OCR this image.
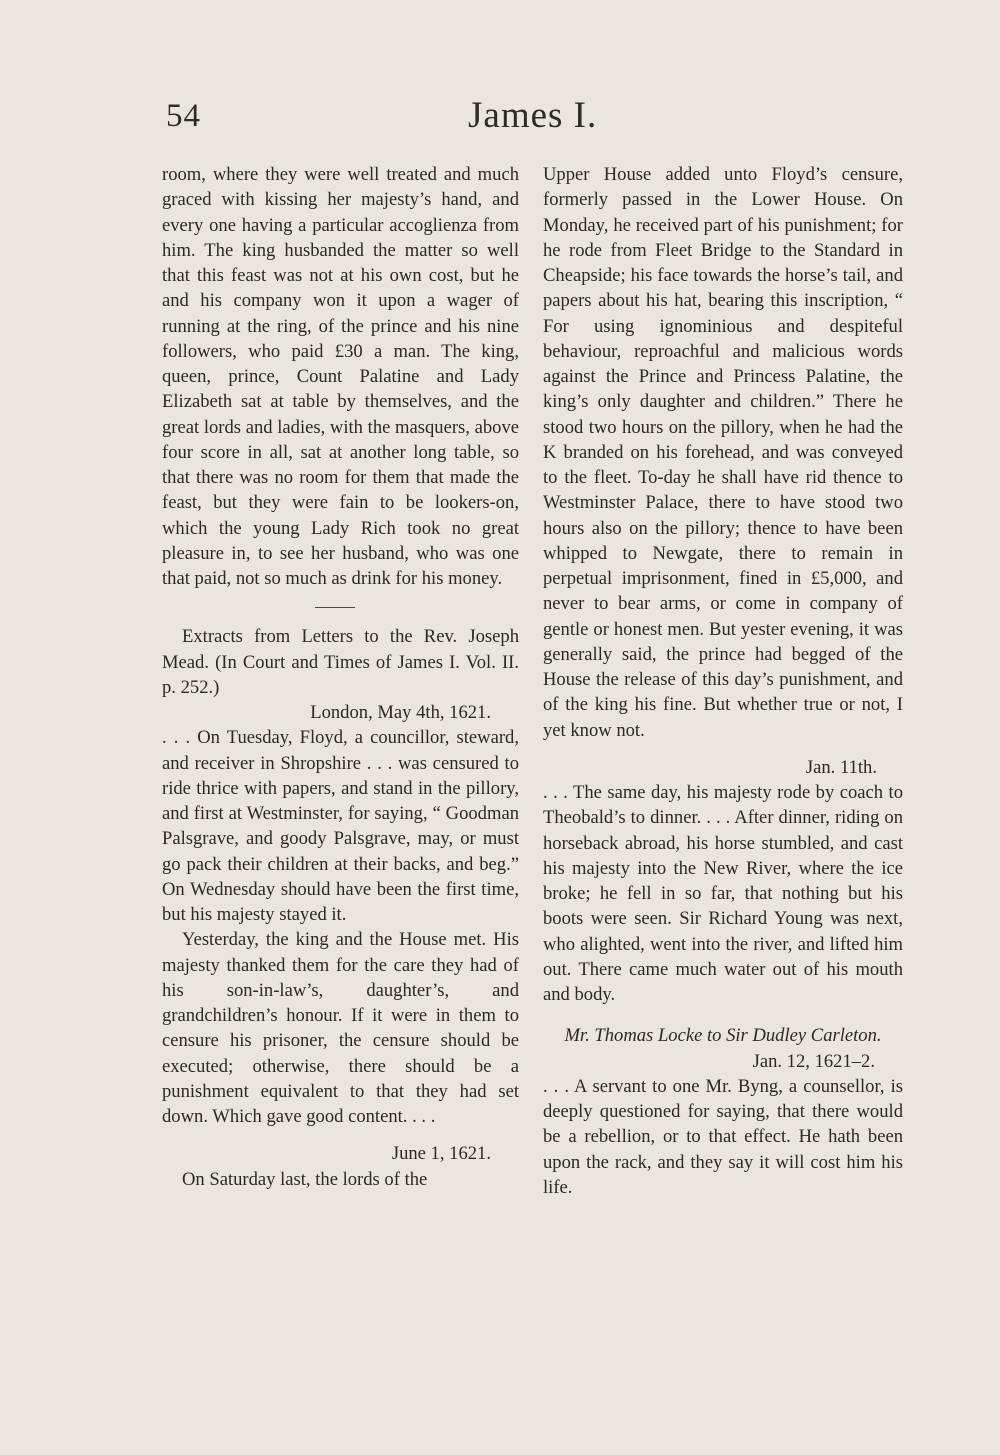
54	James I.

room, where they were well treated and much graced with kissing her majesty’s hand, and every one having a particular accoglienza from him. The king husbanded the matter so well that this feast was not at his own cost, but he and his company won it upon a wager of running at the ring, of the prince and his nine followers, who paid £30 a man. The king, queen, prince, Count Palatine and Lady Elizabeth sat at table by themselves, and the great lords and ladies, with the masquers, above four score in all, sat at another long table, so that there was no room for them that made the feast, but they were fain to be lookers-on, which the young Lady Rich took no great pleasure in, to see her husband, who was one that paid, not so much as drink for his money.

Extracts from Letters to the Rev. Joseph Mead. (In Court and Times of James I. Vol. II. p. 252.)

London, May 4th, 1621.

. . . On Tuesday, Floyd, a councillor, steward, and receiver in Shropshire . . . was censured to ride thrice with papers, and stand in the pillory, and first at Westminster, for saying, “ Goodman Palsgrave, and goody Palsgrave, may, or must go pack their children at their backs, and beg.” On Wednesday should have been the first time, but his majesty stayed it.

Yesterday, the king and the House met. His majesty thanked them for the care they had of his son-in-law’s, daughter’s, and grandchildren’s honour. If it were in them to censure his prisoner, the censure should be executed; otherwise, there should be a punishment equivalent to that they had set down. Which gave good content. . . .

June 1, 1621.

On Saturday last, the lords of the

Upper House added unto Floyd’s censure, formerly passed in the Lower House. On Monday, he received part of his punishment; for he rode from Fleet Bridge to the Standard in Cheapside; his face towards the horse’s tail, and papers about his hat, bearing this inscription, “ For using ignominious and despiteful behaviour, reproachful and malicious words against the Prince and Princess Palatine, the king’s only daughter and children.” There he stood two hours on the pillory, when he had the K branded on his forehead, and was conveyed to the fleet. To-day he shall have rid thence to Westminster Palace, there to have stood two hours also on the pillory; thence to have been whipped to Newgate, there to remain in perpetual imprisonment, fined in £5,000, and never to bear arms, or come in company of gentle or honest men. But yester evening, it was generally said, the prince had begged of the House the release of this day’s punishment, and of the king his fine. But whether true or not, I yet know not.

Jan. 11th.

. . . The same day, his majesty rode by coach to Theobald’s to dinner. . . . After dinner, riding on horseback abroad, his horse stumbled, and cast his majesty into the New River, where the ice broke; he fell in so far, that nothing but his boots were seen. Sir Richard Young was next, who alighted, went into the river, and lifted him out. There came much water out of his mouth and body.

Mr. Thomas Locke to Sir Dudley Carleton.

Jan. 12, 1621–2.

. . . A servant to one Mr. Byng, a counsellor, is deeply questioned for saying, that there would be a rebellion, or to that effect. He hath been upon the rack, and they say it will cost him his life.
